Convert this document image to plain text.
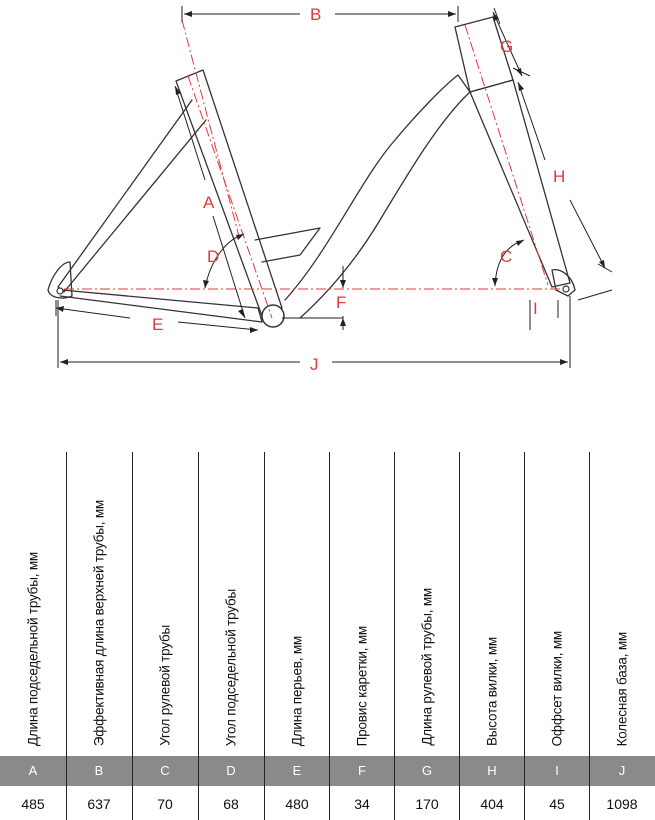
B
G
H
A
D	C
F
E
I
J
Длина подседельной трубы, мм	Эффективная длина верхней трубы, мм	Угол рулевой трубы	Угол подседельной трубы	Длина перьев, мм	Провис каретки, мм	Длина рулевой трубы, мм	Высота вилки, мм	Оффсет вилки, мм	Колесная база, мм
A	B	C	D	E	F	G	H	I	J
485	637	70	68	480	34	170	404	45	1098
